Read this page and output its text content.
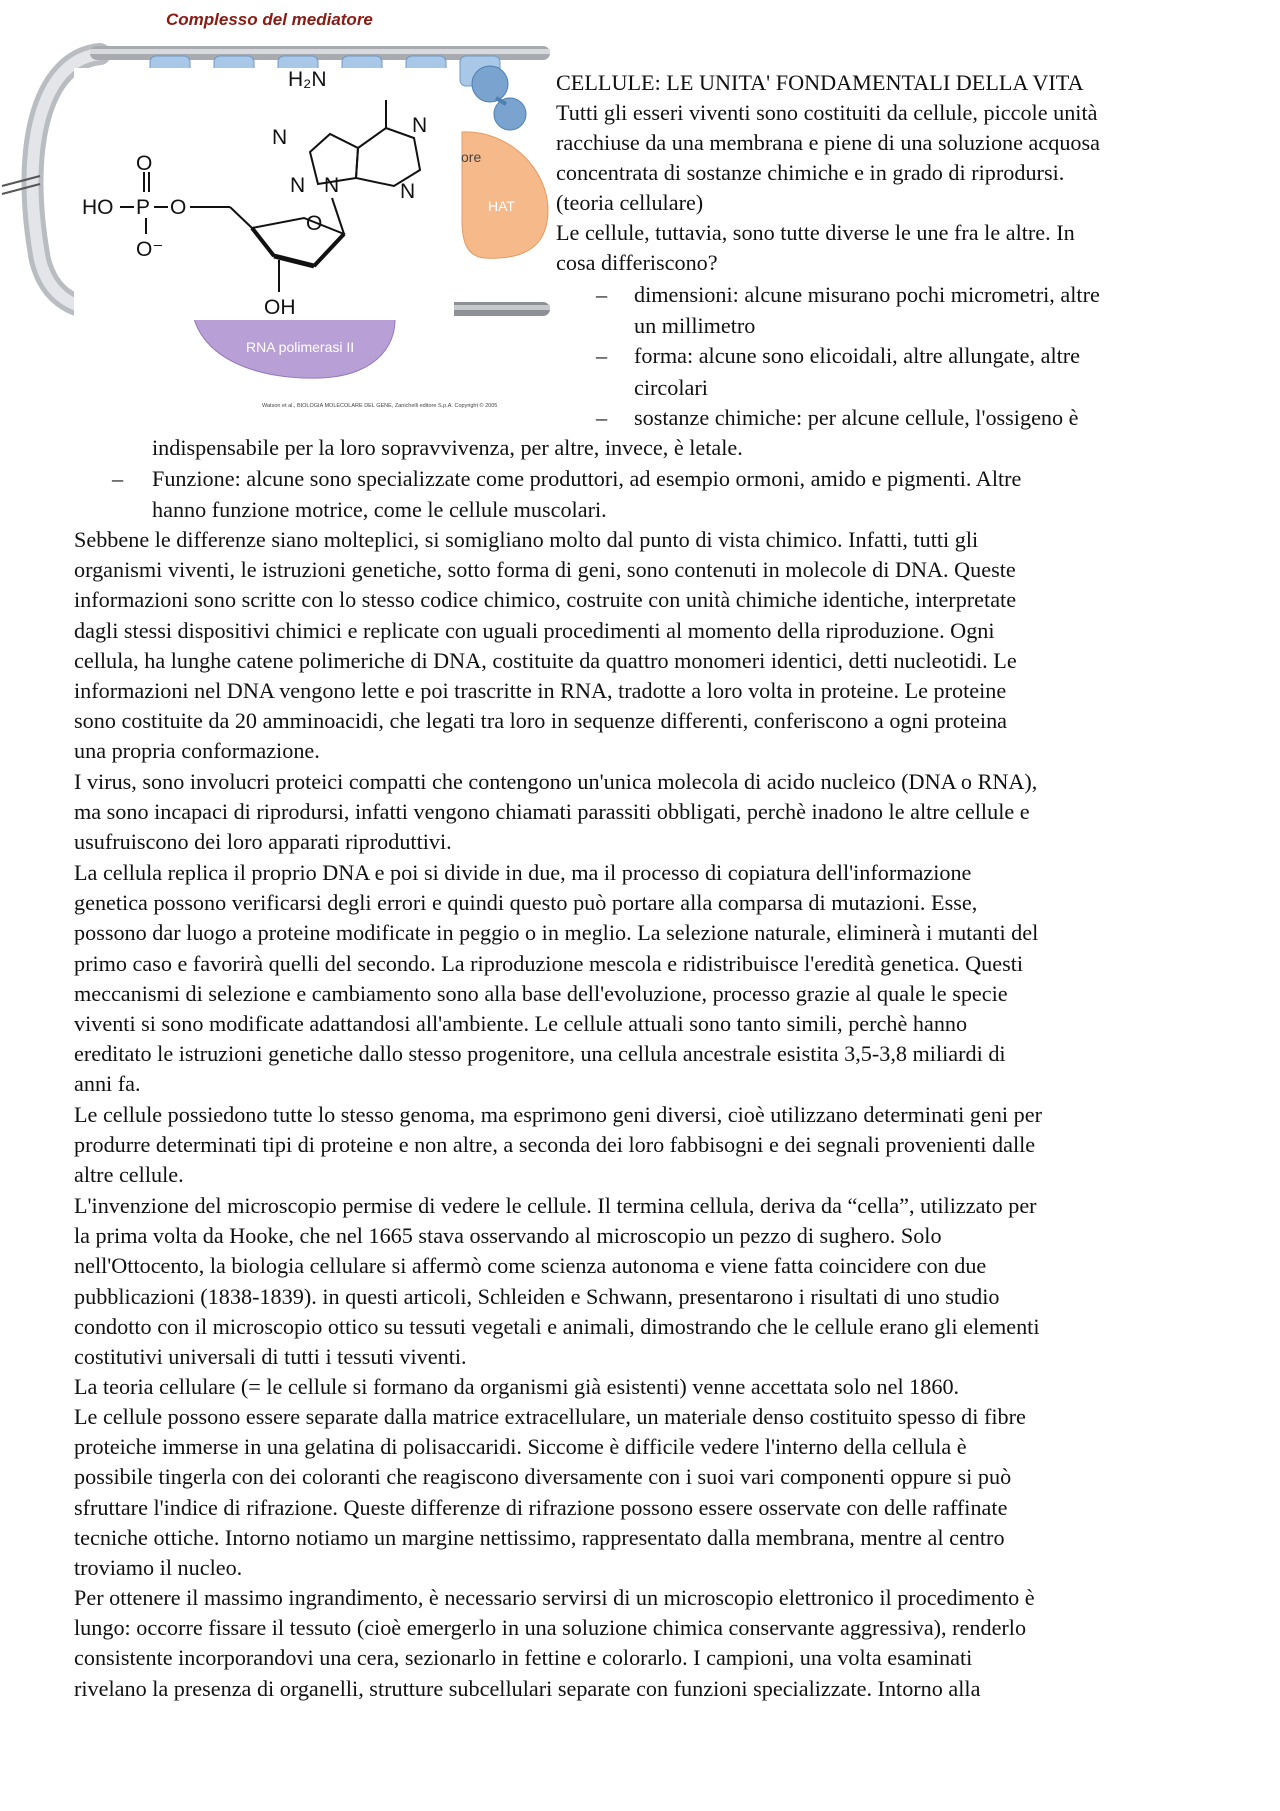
Complesso del mediatore
HAT
ore
RNA polimerasi II
HO P O
O
O⁻
O
OH
N N
H₂N
N
N
N
Watson et al., BIOLOGIA MOLECOLARE DEL GENE, Zanichelli editore S.p.A. Copyright © 2005
CELLULE: LE UNITA' FONDAMENTALI DELLA VITA
Tutti gli esseri viventi sono costituiti da cellule, piccole unità
racchiuse da una membrana e piene di una soluzione acquosa
concentrata di sostanze chimiche e in grado di riprodursi.
(teoria cellulare)
Le cellule, tuttavia, sono tutte diverse le une fra le altre. In
cosa differiscono?
– dimensioni: alcune misurano pochi micrometri, altre
un millimetro
– forma: alcune sono elicoidali, altre allungate, altre
circolari
– sostanze chimiche: per alcune cellule, l'ossigeno è
indispensabile per la loro sopravvivenza, per altre, invece, è letale.
– Funzione: alcune sono specializzate come produttori, ad esempio ormoni, amido e pigmenti. Altre
hanno funzione motrice, come le cellule muscolari.
Sebbene le differenze siano molteplici, si somigliano molto dal punto di vista chimico. Infatti, tutti gli
organismi viventi, le istruzioni genetiche, sotto forma di geni, sono contenuti in molecole di DNA. Queste
informazioni sono scritte con lo stesso codice chimico, costruite con unità chimiche identiche, interpretate
dagli stessi dispositivi chimici e replicate con uguali procedimenti al momento della riproduzione. Ogni
cellula, ha lunghe catene polimeriche di DNA, costituite da quattro monomeri identici, detti nucleotidi. Le
informazioni nel DNA vengono lette e poi trascritte in RNA, tradotte a loro volta in proteine. Le proteine
sono costituite da 20 amminoacidi, che legati tra loro in sequenze differenti, conferiscono a ogni proteina
una propria conformazione.
I virus, sono involucri proteici compatti che contengono un'unica molecola di acido nucleico (DNA o RNA),
ma sono incapaci di riprodursi, infatti vengono chiamati parassiti obbligati, perchè inadono le altre cellule e
usufruiscono dei loro apparati riproduttivi.
La cellula replica il proprio DNA e poi si divide in due, ma il processo di copiatura dell'informazione
genetica possono verificarsi degli errori e quindi questo può portare alla comparsa di mutazioni. Esse,
possono dar luogo a proteine modificate in peggio o in meglio. La selezione naturale, eliminerà i mutanti del
primo caso e favorirà quelli del secondo. La riproduzione mescola e ridistribuisce l'eredità genetica. Questi
meccanismi di selezione e cambiamento sono alla base dell'evoluzione, processo grazie al quale le specie
viventi si sono modificate adattandosi all'ambiente. Le cellule attuali sono tanto simili, perchè hanno
ereditato le istruzioni genetiche dallo stesso progenitore, una cellula ancestrale esistita 3,5-3,8 miliardi di
anni fa.
Le cellule possiedono tutte lo stesso genoma, ma esprimono geni diversi, cioè utilizzano determinati geni per
produrre determinati tipi di proteine e non altre, a seconda dei loro fabbisogni e dei segnali provenienti dalle
altre cellule.
L'invenzione del microscopio permise di vedere le cellule. Il termina cellula, deriva da “cella”, utilizzato per
la prima volta da Hooke, che nel 1665 stava osservando al microscopio un pezzo di sughero. Solo
nell'Ottocento, la biologia cellulare si affermò come scienza autonoma e viene fatta coincidere con due
pubblicazioni (1838-1839). in questi articoli, Schleiden e Schwann, presentarono i risultati di uno studio
condotto con il microscopio ottico su tessuti vegetali e animali, dimostrando che le cellule erano gli elementi
costitutivi universali di tutti i tessuti viventi.
La teoria cellulare (= le cellule si formano da organismi già esistenti) venne accettata solo nel 1860.
Le cellule possono essere separate dalla matrice extracellulare, un materiale denso costituito spesso di fibre
proteiche immerse in una gelatina di polisaccaridi. Siccome è difficile vedere l'interno della cellula è
possibile tingerla con dei coloranti che reagiscono diversamente con i suoi vari componenti oppure si può
sfruttare l'indice di rifrazione. Queste differenze di rifrazione possono essere osservate con delle raffinate
tecniche ottiche. Intorno notiamo un margine nettissimo, rappresentato dalla membrana, mentre al centro
troviamo il nucleo.
Per ottenere il massimo ingrandimento, è necessario servirsi di un microscopio elettronico il procedimento è
lungo: occorre fissare il tessuto (cioè emergerlo in una soluzione chimica conservante aggressiva), renderlo
consistente incorporandovi una cera, sezionarlo in fettine e colorarlo. I campioni, una volta esaminati
rivelano la presenza di organelli, strutture subcellulari separate con funzioni specializzate. Intorno alla
